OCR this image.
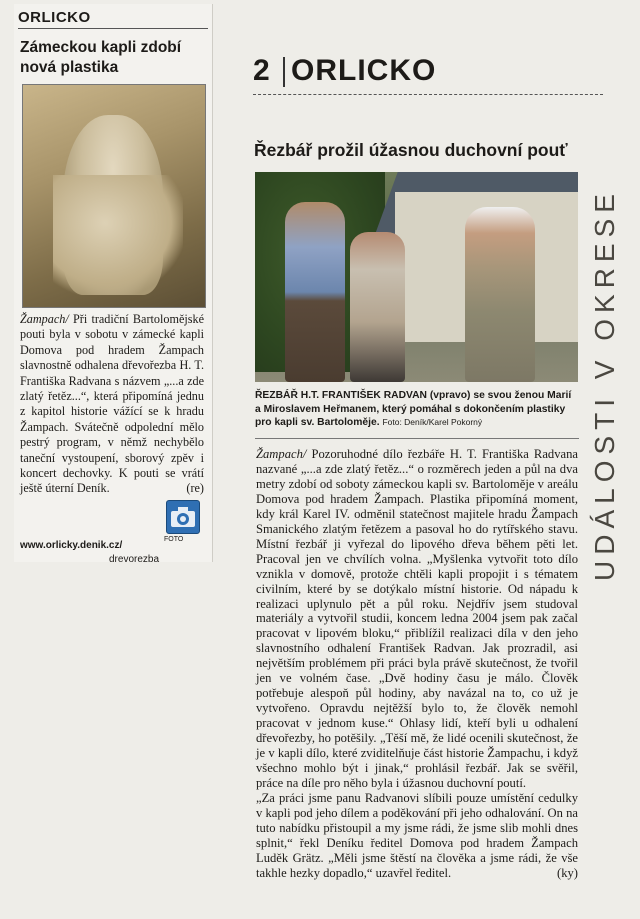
ORLICKO
Zámeckou kapli zdobí nová plastika
Žampach/ Při tradiční Bartolomějské pouti byla v sobotu v zámecké kapli Domova pod hradem Žampach slavnostně odhalena dřevořezba H. T. Františka Radvana s názvem „...a zde zlatý řetěz...“, která připomíná jednu z kapitol historie vážící se k hradu Žampach. Svátečně odpolední mělo pestrý program, v němž nechybělo taneční vystoupení, sborový zpěv i koncert dechovky. K pouti se vrátí ještě úterní Deník.	(re)
FOTO
www.orlicky.denik.cz/
drevorezba
2 ORLICKO
Řezbář prožil úžasnou duchovní pouť
ŘEZBÁŘ H.T. FRANTIŠEK RADVAN (vpravo) se svou ženou Marií a Miroslavem Heřmanem, který pomáhal s dokončením plastiky pro kapli sv. Bartoloměje. Foto: Deník/Karel Pokorný

Žampach/ Pozoruhodné dílo řezbáře H. T. Františka Radvana nazvané „...a zde zlatý řetěz...“ o rozměrech jeden a půl na dva metry zdobí od soboty zámeckou kapli sv. Bartoloměje v areálu Domova pod hradem Žampach. Plastika připomíná moment, kdy král Karel IV. odměnil statečnost majitele hradu Žampach Smanického zlatým řetězem a pasoval ho do rytířského stavu. Místní řezbář ji vyřezal do lipového dřeva během pěti let. Pracoval jen ve chvílích volna. „Myšlenka vytvořit toto dílo vznikla v domově, protože chtěli kapli propojit i s tématem civilním, které by se dotýkalo místní historie. Od nápadu k realizaci uplynulo pět a půl roku. Nejdřív jsem studoval materiály a vytvořil studii, koncem ledna 2004 jsem pak začal pracovat v lipovém bloku,“ přiblížil realizaci díla v den jeho slavnostního odhalení František Radvan. Jak prozradil, asi největším problémem při práci byla právě skutečnost, že tvořil jen ve volném čase. „Dvě hodiny času je málo. Člověk potřebuje alespoň půl hodiny, aby navázal na to, co už je vytvořeno. Opravdu nejtěžší bylo to, že člověk nemohl pracovat v jednom kuse.“ Ohlasy lidí, kteří byli u odhalení dřevořezby, ho potěšily. „Těší mě, že lidé ocenili skutečnost, že je v kapli dílo, které zviditelňuje část historie Žampachu, i když všechno mohlo být i jinak,“ prohlásil řezbář. Jak se svěřil, práce na díle pro něho byla i úžasnou duchovní poutí.

„Za práci jsme panu Radvanovi slíbili pouze umístění cedulky v kapli pod jeho dílem a poděkování při jeho odhalování. On na tuto nabídku přistoupil a my jsme rádi, že jsme slib mohli dnes splnit,“ řekl Deníku ředitel Domova pod hradem Žampach Luděk Grätz. „Měli jsme štěstí na člověka a jsme rádi, že vše takhle hezky dopadlo,“ uzavřel ředitel.	(ky)

UDÁLOSTI V OKRESE
